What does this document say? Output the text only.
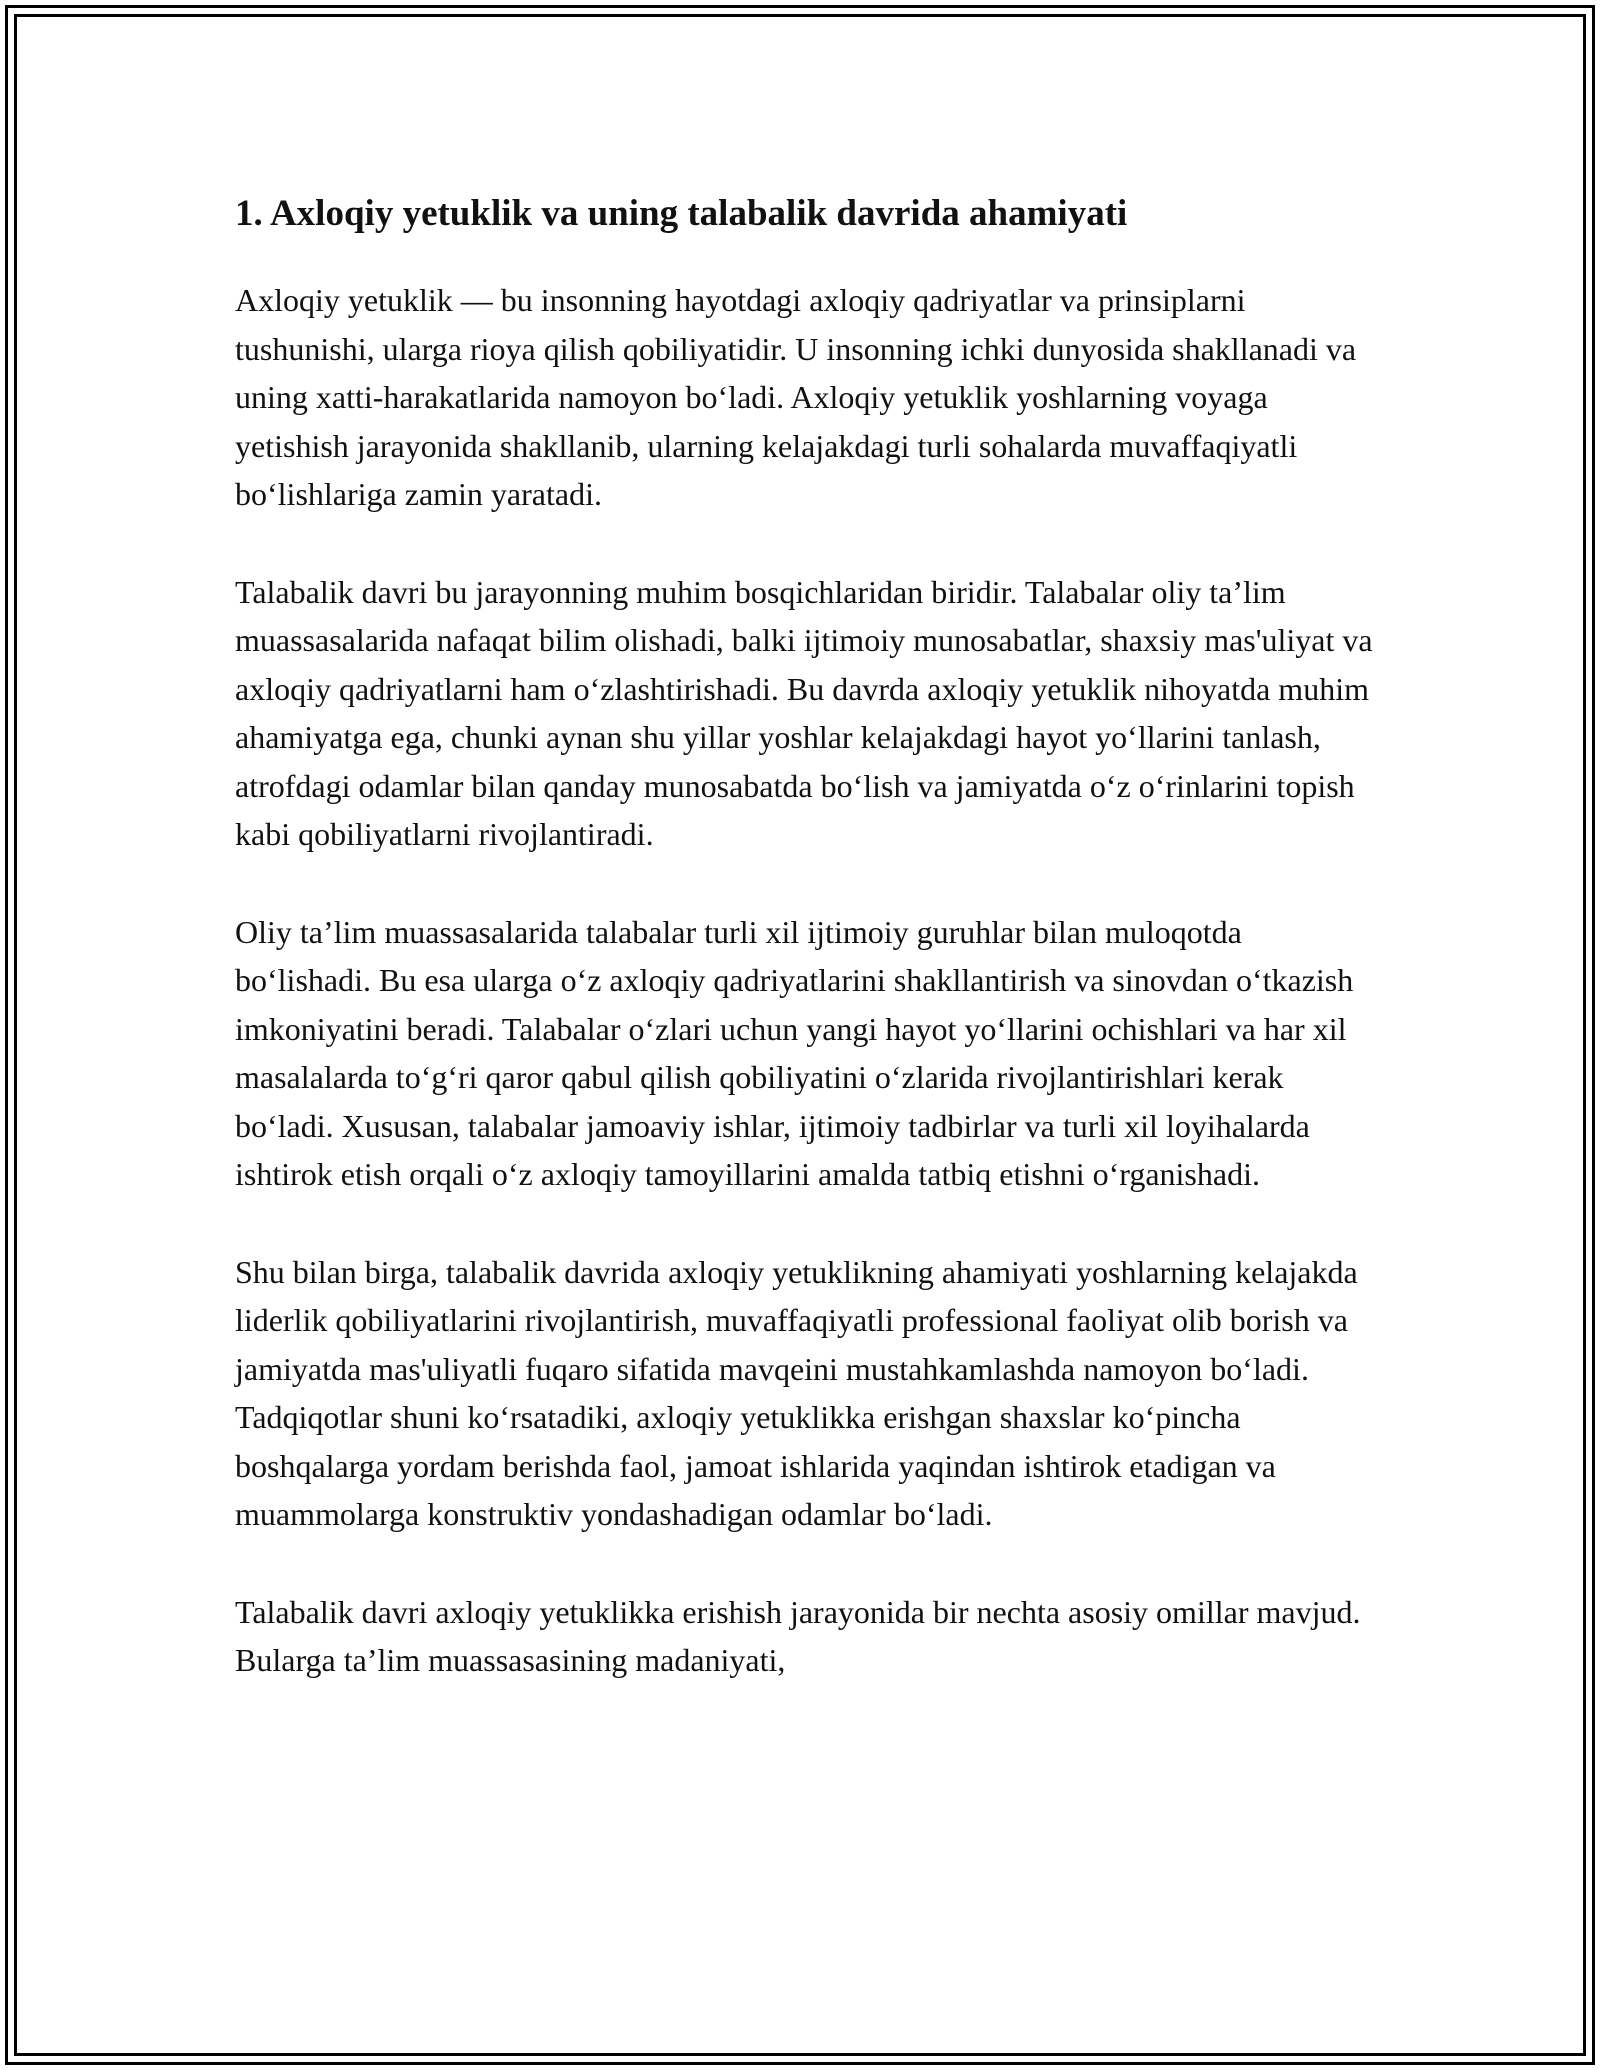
1. Axloqiy yetuklik va uning talabalik davrida ahamiyati

Axloqiy yetuklik — bu insonning hayotdagi axloqiy qadriyatlar va prinsiplarni tushunishi, ularga rioya qilish qobiliyatidir. U insonning ichki dunyosida shakllanadi va uning xatti-harakatlarida namoyon bo‘ladi. Axloqiy yetuklik yoshlarning voyaga yetishish jarayonida shakllanib, ularning kelajakdagi turli sohalarda muvaffaqiyatli bo‘lishlariga zamin yaratadi.

Talabalik davri bu jarayonning muhim bosqichlaridan biridir. Talabalar oliy ta’lim muassasalarida nafaqat bilim olishadi, balki ijtimoiy munosabatlar, shaxsiy mas'uliyat va axloqiy qadriyatlarni ham o‘zlashtirishadi. Bu davrda axloqiy yetuklik nihoyatda muhim ahamiyatga ega, chunki aynan shu yillar yoshlar kelajakdagi hayot yo‘llarini tanlash, atrofdagi odamlar bilan qanday munosabatda bo‘lish va jamiyatda o‘z o‘rinlarini topish kabi qobiliyatlarni rivojlantiradi.

Oliy ta’lim muassasalarida talabalar turli xil ijtimoiy guruhlar bilan muloqotda bo‘lishadi. Bu esa ularga o‘z axloqiy qadriyatlarini shakllantirish va sinovdan o‘tkazish imkoniyatini beradi. Talabalar o‘zlari uchun yangi hayot yo‘llarini ochishlari va har xil masalalarda to‘g‘ri qaror qabul qilish qobiliyatini o‘zlarida rivojlantirishlari kerak bo‘ladi. Xususan, talabalar jamoaviy ishlar, ijtimoiy tadbirlar va turli xil loyihalarda ishtirok etish orqali o‘z axloqiy tamoyillarini amalda tatbiq etishni o‘rganishadi.

Shu bilan birga, talabalik davrida axloqiy yetuklikning ahamiyati yoshlarning kelajakda liderlik qobiliyatlarini rivojlantirish, muvaffaqiyatli professional faoliyat olib borish va jamiyatda mas'uliyatli fuqaro sifatida mavqeini mustahkamlashda namoyon bo‘ladi. Tadqiqotlar shuni ko‘rsatadiki, axloqiy yetuklikka erishgan shaxslar ko‘pincha boshqalarga yordam berishda faol, jamoat ishlarida yaqindan ishtirok etadigan va muammolarga konstruktiv yondashadigan odamlar bo‘ladi.

Talabalik davri axloqiy yetuklikka erishish jarayonida bir nechta asosiy omillar mavjud. Bularga ta’lim muassasasining madaniyati,
